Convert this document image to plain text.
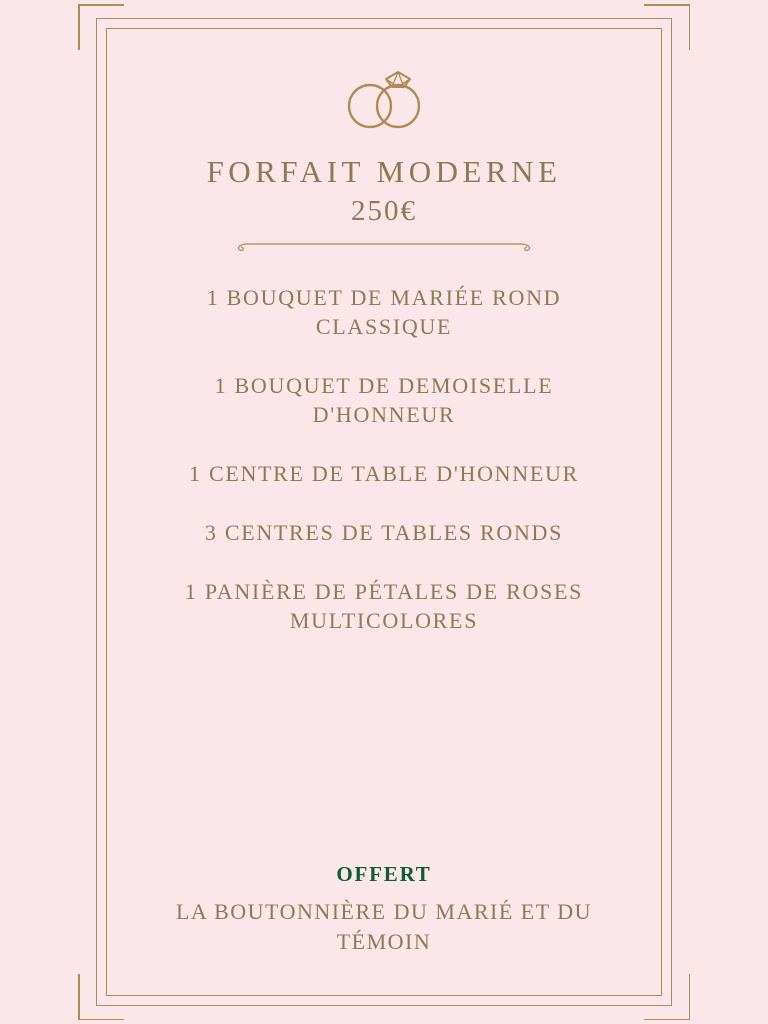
FORFAIT MODERNE
250€
1 BOUQUET DE MARIÉE ROND CLASSIQUE
1 BOUQUET DE DEMOISELLE D'HONNEUR
1 CENTRE DE TABLE D'HONNEUR
3 CENTRES DE TABLES RONDS
1 PANIÈRE DE PÉTALES DE ROSES MULTICOLORES
OFFERT
LA BOUTONNIÈRE DU MARIÉ ET DU TÉMOIN
